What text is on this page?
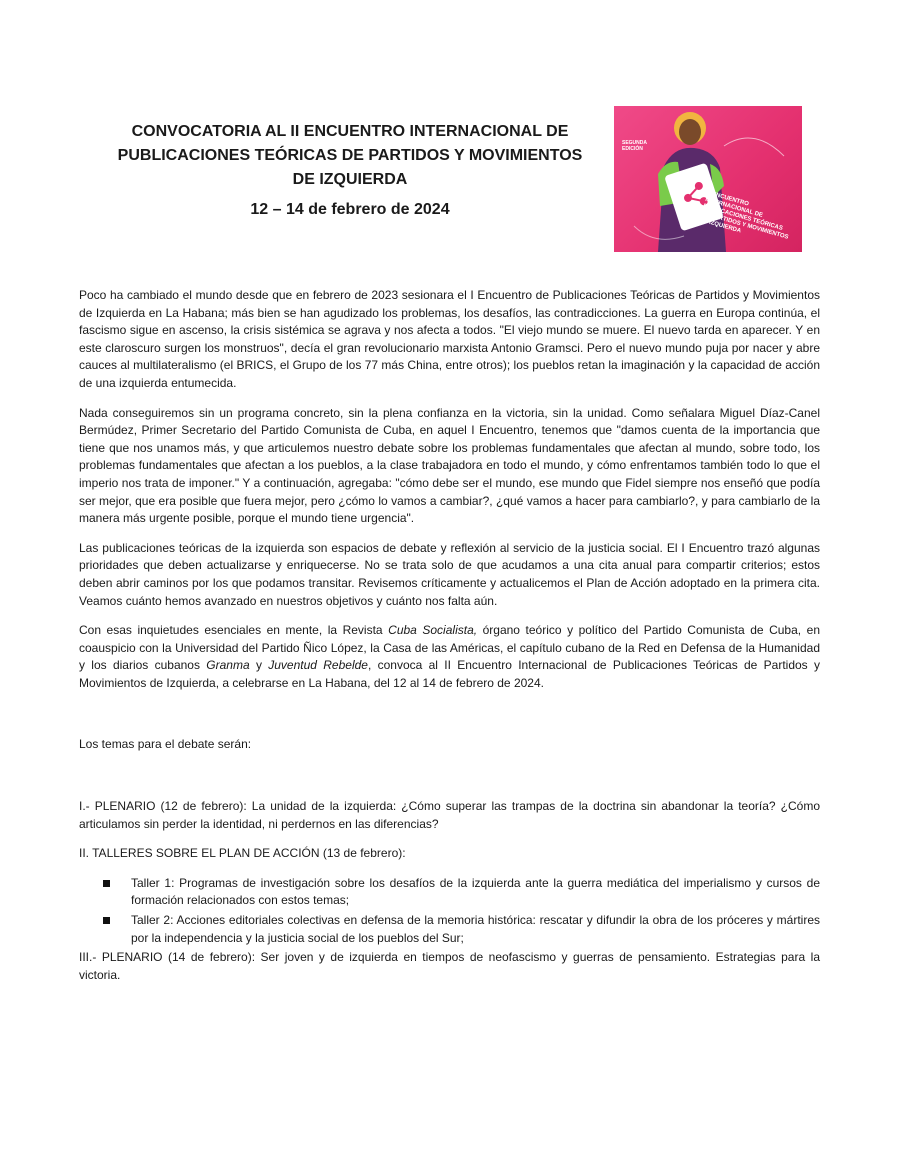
CONVOCATORIA AL II ENCUENTRO INTERNACIONAL DE
PUBLICACIONES TEÓRICAS DE PARTIDOS Y MOVIMIENTOS
DE IZQUIERDA
12 – 14 de febrero de 2024
SEGUNDA EDICIÓN
II ENCUENTRO INTERNACIONAL DE PUBLICACIONES TEÓRICAS DE PARTIDOS Y MOVIMIENTOS DE IZQUIERDA

Poco ha cambiado el mundo desde que en febrero de 2023 sesionara el I Encuentro de Publicaciones Teóricas de Partidos y Movimientos de Izquierda en La Habana; más bien se han agudizado los problemas, los desafíos, las contradicciones. La guerra en Europa continúa, el fascismo sigue en ascenso, la crisis sistémica se agrava y nos afecta a todos. "El viejo mundo se muere. El nuevo tarda en aparecer. Y en este claroscuro surgen los monstruos", decía el gran revolucionario marxista Antonio Gramsci. Pero el nuevo mundo puja por nacer y abre cauces al multilateralismo (el BRICS, el Grupo de los 77 más China, entre otros); los pueblos retan la imaginación y la capacidad de acción de una izquierda entumecida.

Nada conseguiremos sin un programa concreto, sin la plena confianza en la victoria, sin la unidad. Como señalara Miguel Díaz-Canel Bermúdez, Primer Secretario del Partido Comunista de Cuba, en aquel I Encuentro, tenemos que "damos cuenta de la importancia que tiene que nos unamos más, y que articulemos nuestro debate sobre los problemas fundamentales que afectan al mundo, sobre todo, los problemas fundamentales que afectan a los pueblos, a la clase trabajadora en todo el mundo, y cómo enfrentamos también todo lo que el imperio nos trata de imponer." Y a continuación, agregaba: "cómo debe ser el mundo, ese mundo que Fidel siempre nos enseñó que podía ser mejor, que era posible que fuera mejor, pero ¿cómo lo vamos a cambiar?, ¿qué vamos a hacer para cambiarlo?, y para cambiarlo de la manera más urgente posible, porque el mundo tiene urgencia".

Las publicaciones teóricas de la izquierda son espacios de debate y reflexión al servicio de la justicia social. El I Encuentro trazó algunas prioridades que deben actualizarse y enriquecerse. No se trata solo de que acudamos a una cita anual para compartir criterios; estos deben abrir caminos por los que podamos transitar. Revisemos críticamente y actualicemos el Plan de Acción adoptado en la primera cita. Veamos cuánto hemos avanzado en nuestros objetivos y cuánto nos falta aún.

Con esas inquietudes esenciales en mente, la Revista Cuba Socialista, órgano teórico y político del Partido Comunista de Cuba, en coauspicio con la Universidad del Partido Ñico López, la Casa de las Américas, el capítulo cubano de la Red en Defensa de la Humanidad y los diarios cubanos Granma y Juventud Rebelde, convoca al II Encuentro Internacional de Publicaciones Teóricas de Partidos y Movimientos de Izquierda, a celebrarse en La Habana, del 12 al 14 de febrero de 2024.

Los temas para el debate serán:

I.- PLENARIO (12 de febrero): La unidad de la izquierda: ¿Cómo superar las trampas de la doctrina sin abandonar la teoría? ¿Cómo articulamos sin perder la identidad, ni perdernos en las diferencias?

II. TALLERES SOBRE EL PLAN DE ACCIÓN (13 de febrero):

Taller 1: Programas de investigación sobre los desafíos de la izquierda ante la guerra mediática del imperialismo y cursos de formación relacionados con estos temas;
Taller 2: Acciones editoriales colectivas en defensa de la memoria histórica: rescatar y difundir la obra de los próceres y mártires por la independencia y la justicia social de los pueblos del Sur;

III.- PLENARIO (14 de febrero): Ser joven y de izquierda en tiempos de neofascismo y guerras de pensamiento. Estrategias para la victoria.
